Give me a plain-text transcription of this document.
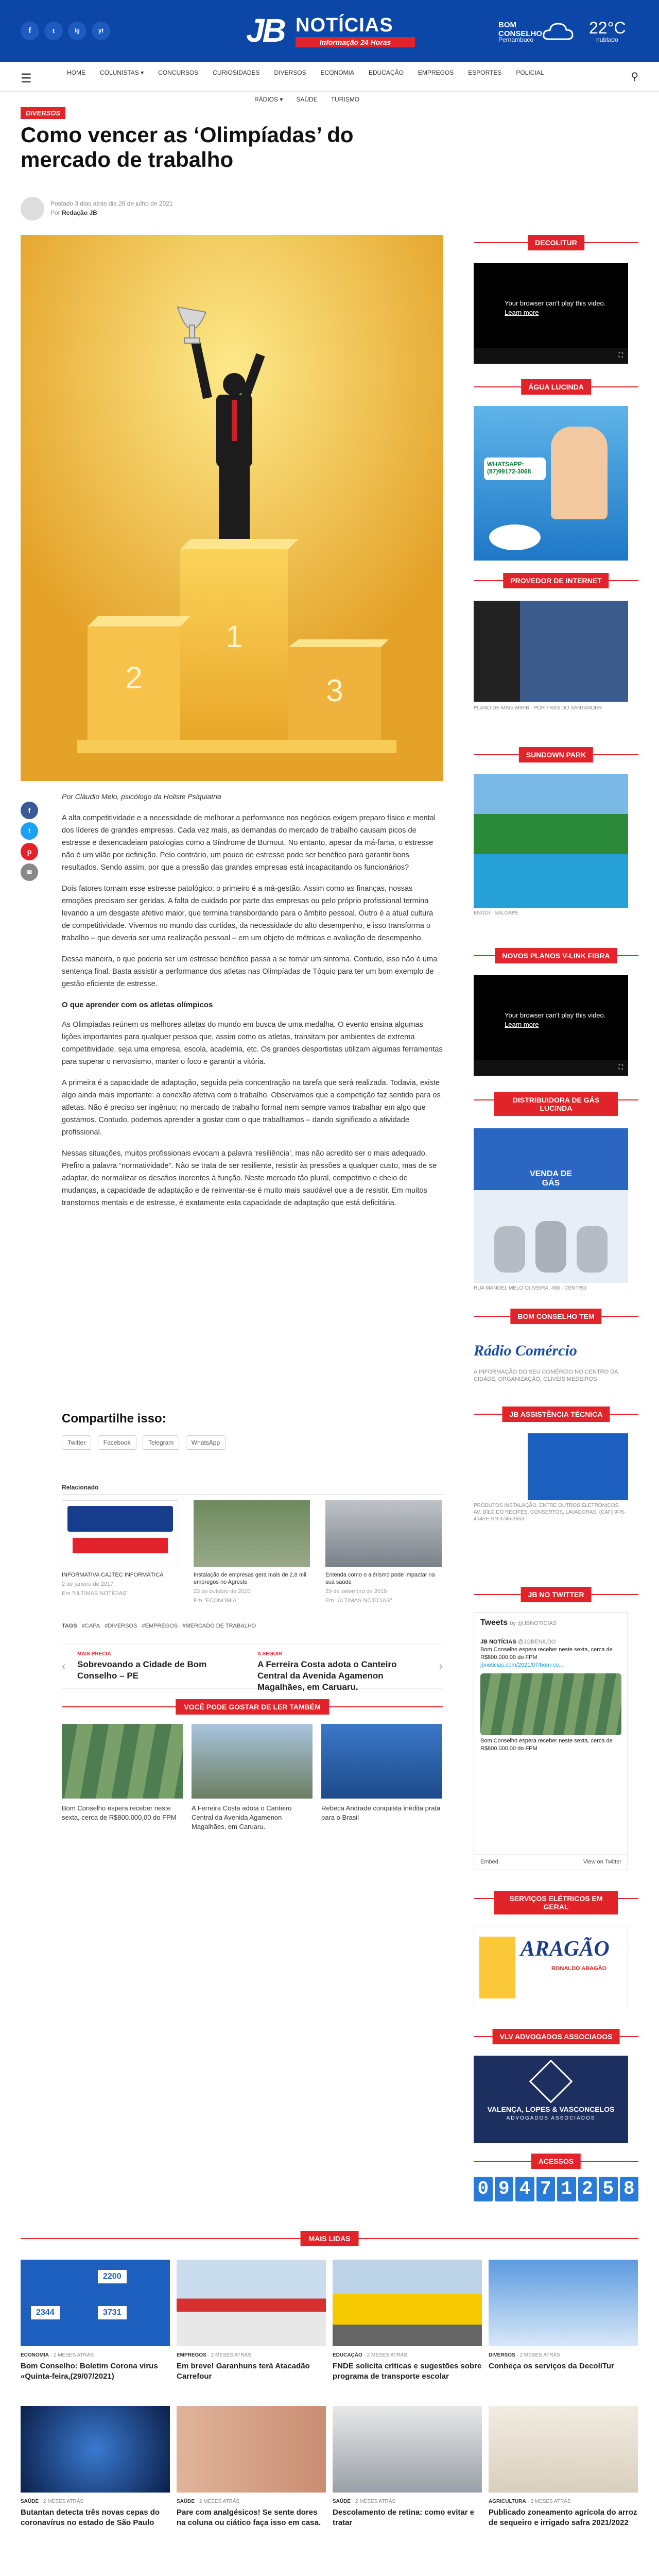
f	t	ig	yt	JB NOTÍCIAS
Informação 24 Horas
BOM CONSELHO
Pernambuco
22°C
nublado
☰	HOME COLUNISTAS ▾ CONCURSOS CURIOSIDADES DIVERSOS ECONOMIA EDUCAÇÃO EMPREGOS ESPORTES POLICIAL	⚲
RÁDIOS ▾ SAÚDE TURISMO
DIVERSOS
Como vencer as ‘Olimpíadas’ do mercado de trabalho
Postado 3 dias atrás dia 26 de julho de 2021
Por Redação JB
1
2	3
f
t
p
✉
Por Cláudio Melo, psicólogo da Holiste Psiquiatria

A alta competitividade e a necessidade de melhorar a performance nos negócios exigem preparo físico e mental dos líderes de grandes empresas. Cada vez mais, as demandas do mercado de trabalho causam picos de estresse e desencadeiam patologias como a Síndrome de Burnout. No entanto, apesar da má-fama, o estresse não é um vilão por definição. Pelo contrário, um pouco de estresse pode ser benéfico para garantir bons resultados. Sendo assim, por que a pressão das grandes empresas está incapacitando os funcionários?

Dois fatores tornam esse estresse patológico: o primeiro é a má-gestão. Assim como as finanças, nossas emoções precisam ser geridas. A falta de cuidado por parte das empresas ou pelo próprio profissional termina levando a um desgaste afetivo maior, que termina transbordando para o âmbito pessoal. Outro é a atual cultura de competitividade. Vivemos no mundo das curtidas, da necessidade do alto desempenho, e isso transforma o trabalho – que deveria ser uma realização pessoal – em um objeto de métricas e avaliação de desempenho.

Dessa maneira, o que poderia ser um estresse benéfico passa a se tornar um sintoma. Contudo, isso não é uma sentença final. Basta assistir a performance dos atletas nas Olimpíadas de Tóquio para ter um bom exemplo de gestão eficiente de estresse.

O que aprender com os atletas olímpicos

As Olimpíadas reúnem os melhores atletas do mundo em busca de uma medalha. O evento ensina algumas lições importantes para qualquer pessoa que, assim como os atletas, transitam por ambientes de extrema competitividade, seja uma empresa, escola, academia, etc. Os grandes desportistas utilizam algumas ferramentas para superar o nervosismo, manter o foco e garantir a vitória.

A primeira é a capacidade de adaptação, seguida pela concentração na tarefa que será realizada. Todavia, existe algo ainda mais importante: a conexão afetiva com o trabalho. Observamos que a competição faz sentido para os atletas. Não é preciso ser ingênuo; no mercado de trabalho formal nem sempre vamos trabalhar em algo que gostamos. Contudo, podemos aprender a gostar com o que trabalhamos – dando significado a atividade profissional.

Nessas situações, muitos profissionais evocam a palavra ‘resiliência’, mas não acredito ser o mais adequado. Prefiro a palavra “normatividade”. Não se trata de ser resiliente, resistir às pressões a qualquer custo, mas de se adaptar, de normalizar os desafios inerentes à função. Neste mercado tão plural, competitivo e cheio de mudanças, a capacidade de adaptação e de reinventar-se é muito mais saudável que a de resistir. Em muitos transtornos mentais e de estresse, é exatamente esta capacidade de adaptação que está deficitária.

Compartilhe isso:
Twitter	Facebook	Telegram	WhatsApp
Relacionado
INFORMATIVA CAJTEC INFORMÁTICA
2 de janeiro de 2017
Em "ÚLTIMAS NOTÍCIAS"
Instalação de empresas gera mais de 2,8 mil empregos no Agreste
23 de outubro de 2020
Em "ECONOMIA"
Entenda como o alérismo pode impactar na sua saúde
29 de setembro de 2019
Em "ÚLTIMAS NOTÍCIAS"
TAGS #CAPA #DIVERSOS #EMPREGOS #MERCADO DE TRABALHO
‹
MAIS PRECIA
Sobrevoando a Cidade de Bom Conselho – PE
A SEGUIR
A Ferreira Costa adota o Canteiro Central da Avenida Agamenon Magalhães, em Caruaru.
›
VOCÊ PODE GOSTAR DE LER TAMBÉM
Bom Conselho espera receber neste sexta, cerca de R$800.000,00 do FPM
A Ferreira Costa adota o Canteiro Central da Avenida Agamenon Magalhães, em Caruaru.
Rebeca Andrade conquista inédita prata para o Brasil
DECOLITUR
Your browser can't play this video.
Learn more
⛶
ÁGUA LUCINDA
WHATSAPP:
(87)99172-3068
PROVEDOR DE INTERNET
PLANO DE MAIS MIPIB - POR TRÁS DO SANTANDER
SUNDOWN PARK
ENGDI - SALGAPE
NOVOS PLANOS V-LINK FIBRA
Your browser can't play this video.
Learn more
⛶
DISTRIBUIDORA DE GÁS LUCINDA
VENDA DE GÁS
RUA MANOEL MELO OLIVEIRA, 488 - CENTRO
BOM CONSELHO TEM
Rádio Comércio
A INFORMAÇÃO DO SEU COMÉRCIO NO CENTRO DA CIDADE, ORGANIZAÇÃO, OLIVEIS MEDEIROS
JB ASSISTÊNCIA TÉCNICA
PRODUTOS INSTALAÇÃO, ENTRE OUTROS ELETRONICOS, AV. DÍLO DO RECIFES, CONSERTOS, LAVADORAS, (CAF) 9'45-4045'E 9 9 9745-3653
JB NO TWITTER
Tweets by @JBNOTICIAS
JB NOTÍCIAS @JOBENILDO
Bom Conselho espera receber neste sexta, cerca de R$800.000,00 do FPM
jbnoticias.com/2021/07/bom-co...
Bom Conselho espera receber neste sexta, cerca de R$800.000,00 do FPM
Embed	View on Twitter
SERVIÇOS ELÉTRICOS EM GERAL
ARAGÃO
RONALDO ARAGÃO
VLV ADVOGADOS ASSOCIADOS
VALENÇA, LOPES & VASCONCELOS
ADVOGADOS ASSOCIADOS
ACESSOS
0 9 4 7 1 2 5 8
MAIS LIDAS
2200
2344	3731
ECONOMIA · 2 MESES ATRÁS
Bom Conselho: Boletim Corona virus «Quinta-feira,(29/07/2021)
EMPREGOS · 2 MESES ATRÁS
Em breve! Garanhuns terá Atacadão Carrefour
EDUCAÇÃO · 2 MESES ATRÁS
FNDE solicita críticas e sugestões sobre programa de transporte escolar
DIVERSOS · 2 MESES ATRÁS
Conheça os serviços da DecoliTur
SAÚDE · 2 MESES ATRÁS
Butantan detecta três novas cepas do coronavírus no estado de São Paulo
SAÚDE · 2 MESES ATRÁS
Pare com analgésicos! Se sente dores na coluna ou ciático faça isso em casa.
SAÚDE · 2 MESES ATRÁS
Descolamento de retina: como evitar e tratar
AGRICULTURA · 2 MESES ATRÁS
Publicado zoneamento agrícola do arroz de sequeiro e irrigado safra 2021/2022
